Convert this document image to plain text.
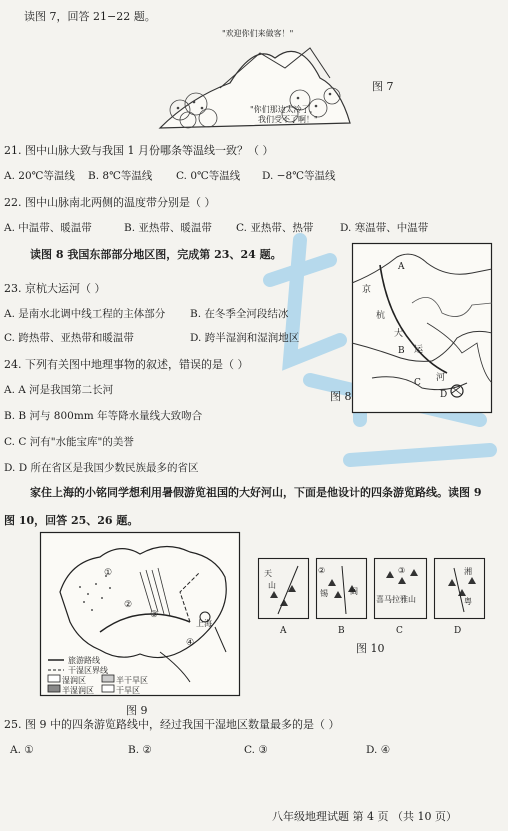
读图 7，回答 21−22 题。
"欢迎你们来做客！"
"你们那边太冷了，
我们受不了啊！"
图 7
21. 图中山脉大致与我国 1 月份哪条等温线一致？（ ）
A. 20℃等温线 B. 8℃等温线 C. 0℃等温线 D. −8℃等温线
22. 图中山脉南北两侧的温度带分别是（ ）
A. 中温带、暖温带	B. 亚热带、暖温带 C. 亚热带、热带	D. 寒温带、中温带
读图 8 我国东部部分地区图，完成第 23、24 题。
A
京
杭
大
运
B
河
C
D
图 8
23. 京杭大运河（ ）
A. 是南水北调中线工程的主体部分 B. 在冬季全河段结冰
C. 跨热带、亚热带和暖温带	D. 跨半湿润和湿润地区
24. 下列有关图中地理事物的叙述，错误的是（ ）
A. A 河是我国第二长河
B. B 河与 800mm 年等降水量线大致吻合
C. C 河有"水能宝库"的美誉
D. D 所在省区是我国少数民族最多的省区
家住上海的小铭同学想利用暑假游览祖国的大好河山，下面是他设计的四条游览路线。读图 9
图 10，回答 25、26 题。
旅游路线
干湿区界线
湿润区	半干旱区
半湿润区	干旱区
上海
①
②
③
④
图 9
天
山
②
锡	阔
③
喜马拉雅山
湘
粤
A	B	C	D
图 10
25. 图 9 中的四条游览路线中，经过我国干湿地区数量最多的是（ ）
A. ①	B. ②	C. ③	D. ④
八年级地理试题 第 4 页 （共 10 页）
